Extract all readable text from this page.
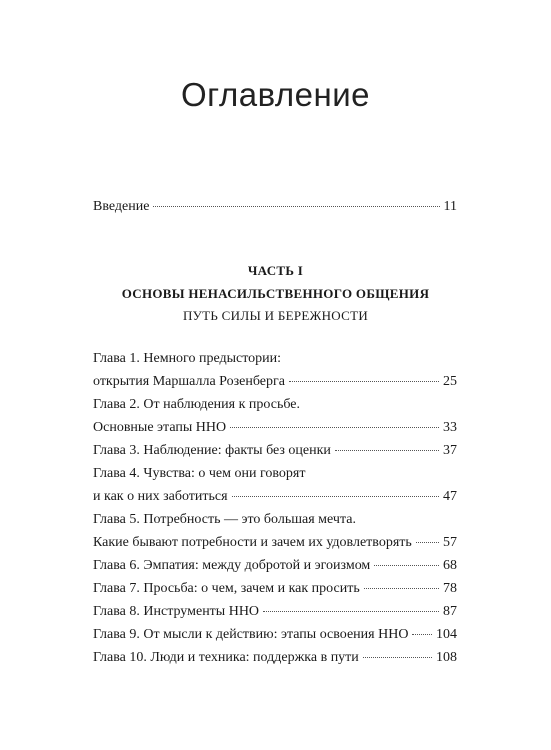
Оглавление
Введение	11
ЧАСТЬ I
ОСНОВЫ НЕНАСИЛЬСТВЕННОГО ОБЩЕНИЯ
ПУТЬ СИЛЫ И БЕРЕЖНОСТИ
Глава 1. Немного предыстории:
открытия Маршалла Розенберга	25
Глава 2. От наблюдения к просьбе.
Основные этапы ННО	33
Глава 3. Наблюдение: факты без оценки	37
Глава 4. Чувства: о чем они говорят
и как о них заботиться	47
Глава 5. Потребность — это большая мечта.
Какие бывают потребности и зачем их удовлетворять 57
Глава 6. Эмпатия: между добротой и эгоизмом	68
Глава 7. Просьба: о чем, зачем и как просить	78
Глава 8. Инструменты ННО	87
Глава 9. От мысли к действию: этапы освоения ННО 104
Глава 10. Люди и техника: поддержка в пути	108
